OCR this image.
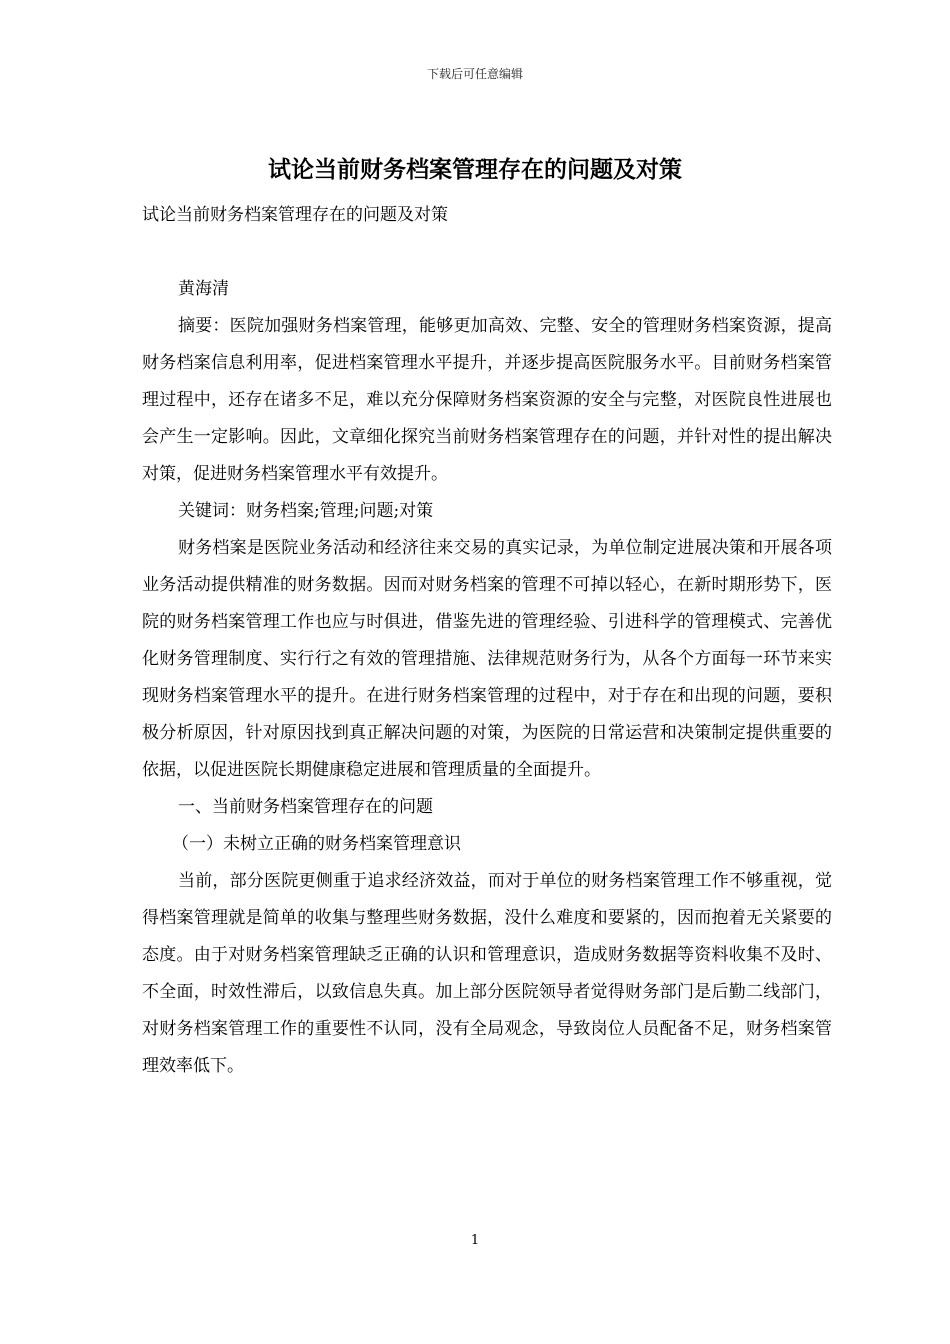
下载后可任意编辑
试论当前财务档案管理存在的问题及对策

试论当前财务档案管理存在的问题及对策

黄海清

摘要：医院加强财务档案管理，能够更加高效、完整、安全的管理财务档案资源，提高财务档案信息利用率，促进档案管理水平提升，并逐步提高医院服务水平。目前财务档案管理过程中，还存在诸多不足，难以充分保障财务档案资源的安全与完整，对医院良性进展也会产生一定影响。因此，文章细化探究当前财务档案管理存在的问题，并针对性的提出解决对策，促进财务档案管理水平有效提升。

关键词：财务档案;管理;问题;对策

财务档案是医院业务活动和经济往来交易的真实记录，为单位制定进展决策和开展各项业务活动提供精准的财务数据。因而对财务档案的管理不可掉以轻心，在新时期形势下，医院的财务档案管理工作也应与时俱进，借鉴先进的管理经验、引进科学的管理模式、完善优化财务管理制度、实行行之有效的管理措施、法律规范财务行为，从各个方面每一环节来实现财务档案管理水平的提升。在进行财务档案管理的过程中，对于存在和出现的问题，要积极分析原因，针对原因找到真正解决问题的对策，为医院的日常运营和决策制定提供重要的依据，以促进医院长期健康稳定进展和管理质量的全面提升。

一、当前财务档案管理存在的问题

（一）未树立正确的财务档案管理意识

当前，部分医院更侧重于追求经济效益，而对于单位的财务档案管理工作不够重视，觉得档案管理就是简单的收集与整理些财务数据，没什么难度和要紧的，因而抱着无关紧要的态度。由于对财务档案管理缺乏正确的认识和管理意识，造成财务数据等资料收集不及时、不全面，时效性滞后，以致信息失真。加上部分医院领导者觉得财务部门是后勤二线部门，对财务档案管理工作的重要性不认同，没有全局观念，导致岗位人员配备不足，财务档案管理效率低下。

1
